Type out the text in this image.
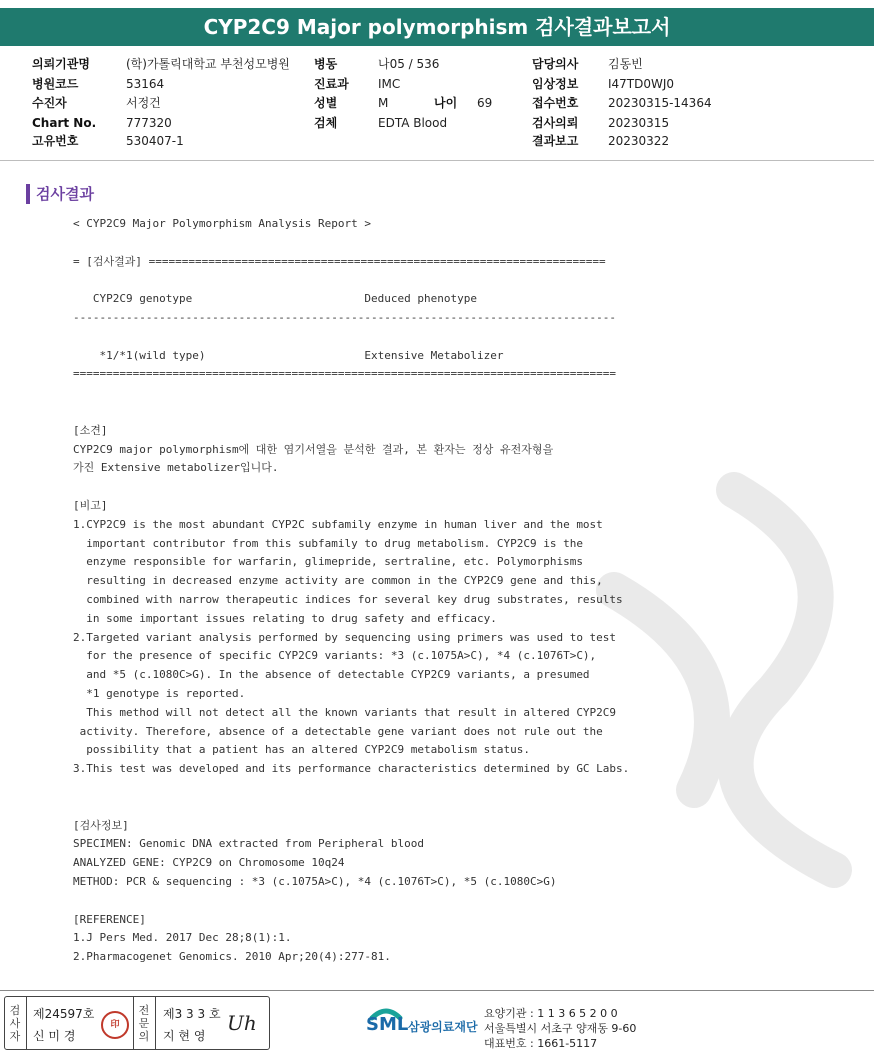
CYP2C9 Major polymorphism 검사결과보고서
의뢰기관명	(학)가톨릭대학교 부천성모병원
병원코드	53164
수진자	서정건
Chart No. 777320
고유번호	530407-1
병동	나05 / 536
진료과 IMC
성별	M
검체	EDTA Blood
담당의사 김동빈
임상정보 I47TD0WJ0
접수번호 20230315-14364
검사의뢰 20230315
결과보고 20230322
나이 69
검사결과
< CYP2C9 Major Polymorphism Analysis Report >
= [검사결과] =====================================================================
CYP2C9 genotype                          Deduced phenotype
----------------------------------------------------------------------------------
*1/*1(wild type)                        Extensive Metabolizer
==================================================================================
[소견]
CYP2C9 major polymorphism에 대한 염기서열을 분석한 결과, 본 환자는 정상 유전자형을
가진 Extensive metabolizer입니다.
[비고]
1.CYP2C9 is the most abundant CYP2C subfamily enzyme in human liver and the most
important contributor from this subfamily to drug metabolism. CYP2C9 is the
enzyme responsible for warfarin, glimepride, sertraline, etc. Polymorphisms
resulting in decreased enzyme activity are common in the CYP2C9 gene and this,
combined with narrow therapeutic indices for several key drug substrates, results
in some important issues relating to drug safety and efficacy.
2.Targeted variant analysis performed by sequencing using primers was used to test
for the presence of specific CYP2C9 variants: *3 (c.1075A>C), *4 (c.1076T>C),
and *5 (c.1080C>G). In the absence of detectable CYP2C9 variants, a presumed
*1 genotype is reported.
This method will not detect all the known variants that result in altered CYP2C9
activity. Therefore, absence of a detectable gene variant does not rule out the
possibility that a patient has an altered CYP2C9 metabolism status.
3.This test was developed and its performance characteristics determined by GC Labs.
[검사정보]
SPECIMEN: Genomic DNA extracted from Peripheral blood
ANALYZED GENE: CYP2C9 on Chromosome 10q24
METHOD: PCR & sequencing : *3 (c.1075A>C), *4 (c.1076T>C), *5 (c.1080C>G)
[REFERENCE]
1.J Pers Med. 2017 Dec 28;8(1):1.
2.Pharmacogenet Genomics. 2010 Apr;20(4):277-81.
검사자
제24597호
신 미 경
印
전문의
제3 3 3 호
지 현 영
Uh	SML 삼광의료재단
요양기관 : 1 1 3 6 5 2 0 0
서울특별시 서초구 양재동 9-60
대표번호 : 1661-5117
